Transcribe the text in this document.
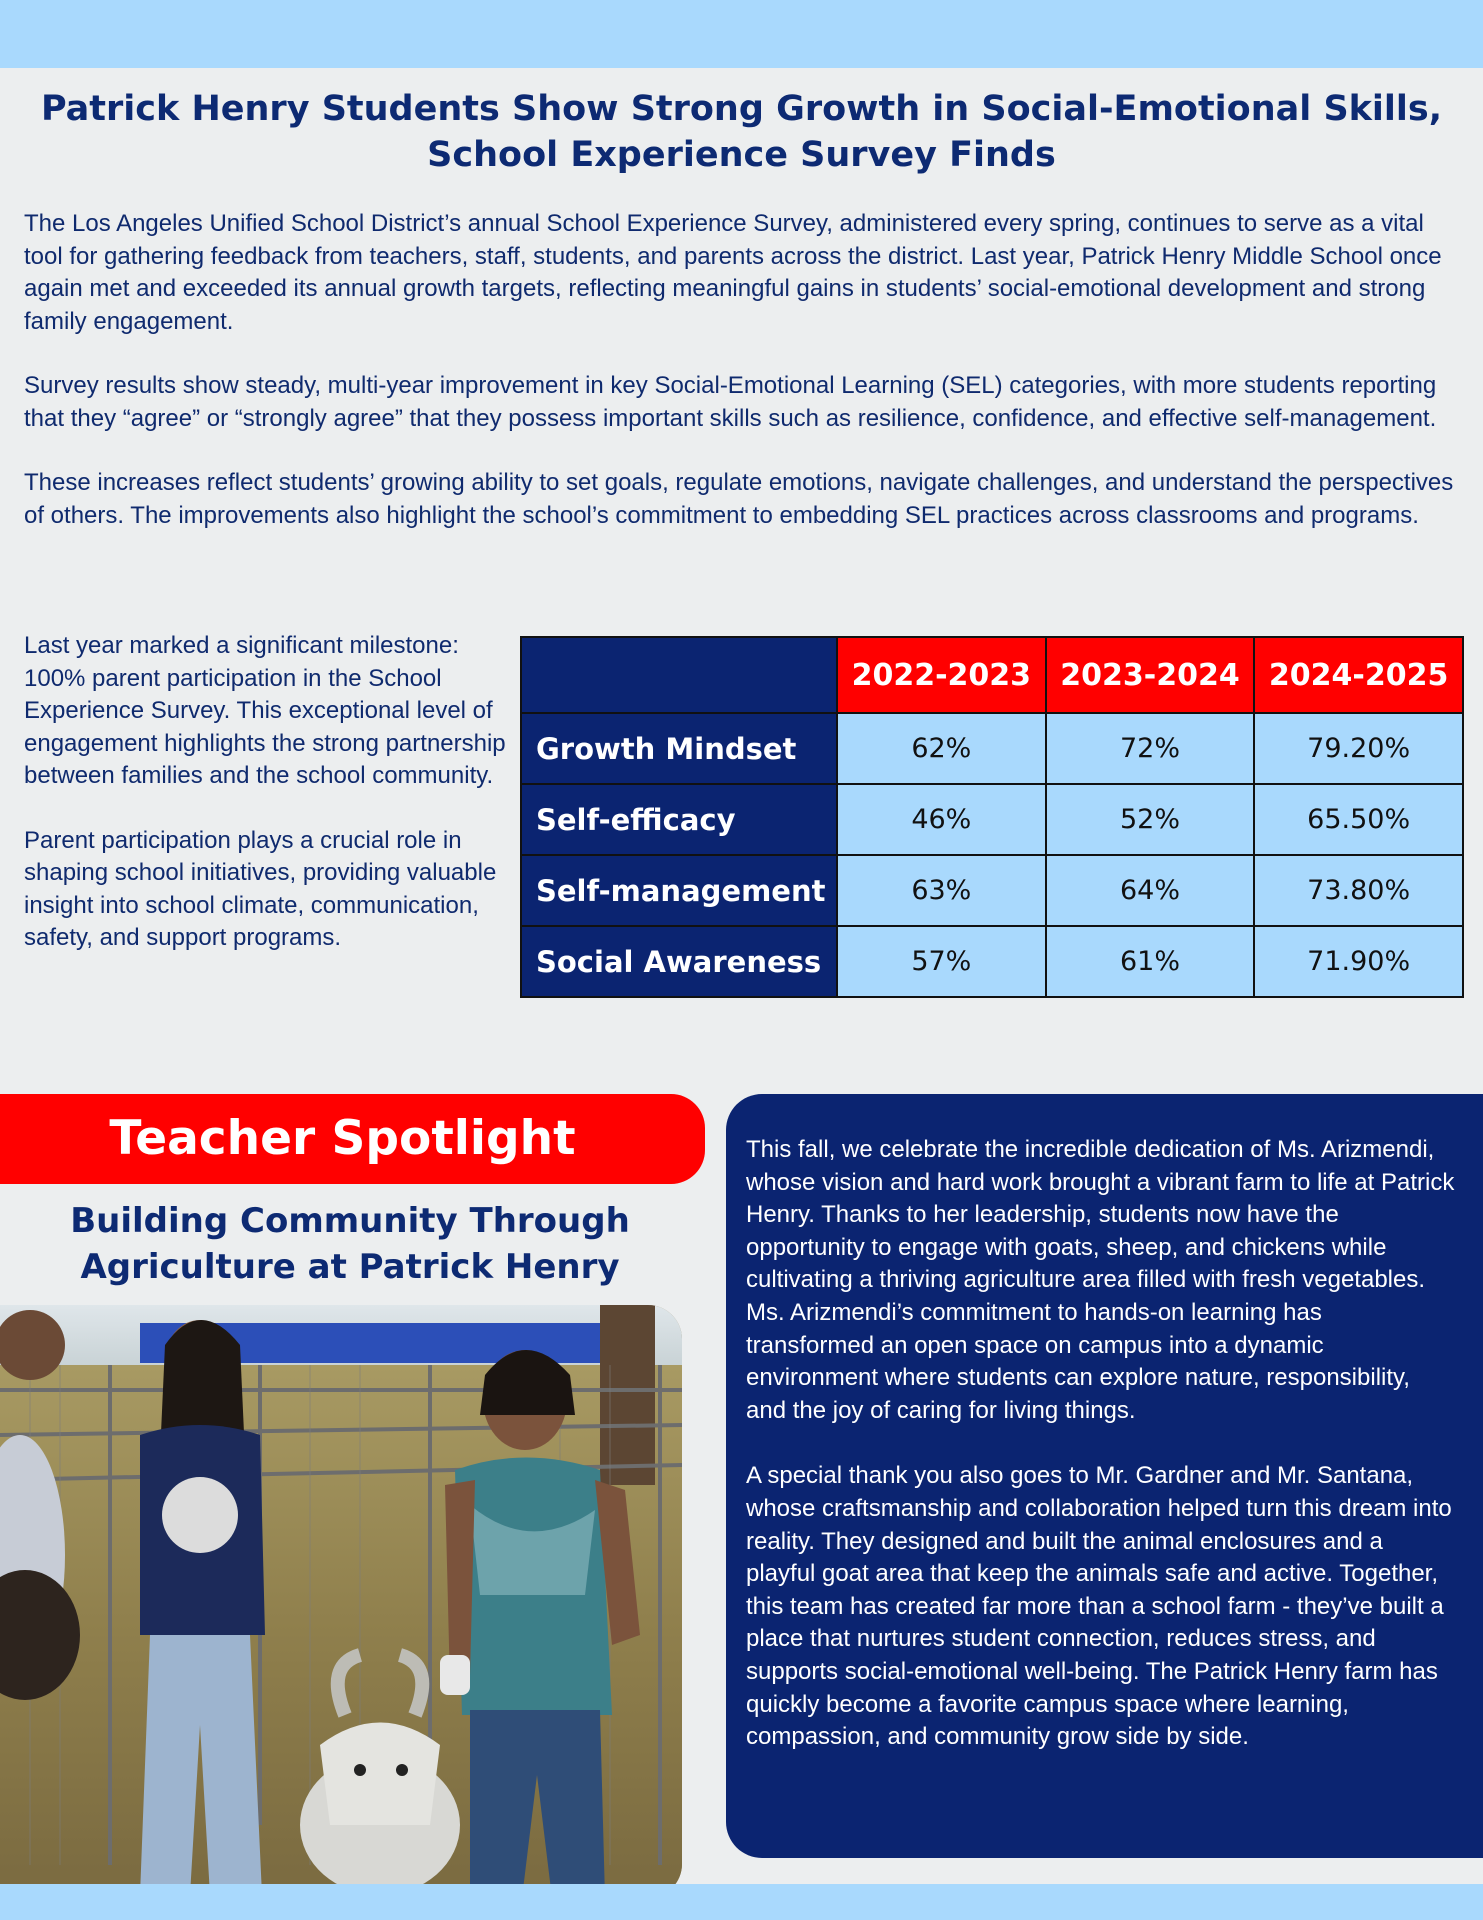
Patrick Henry Students Show Strong Growth in Social-Emotional Skills, School Experience Survey Finds

The Los Angeles Unified School District’s annual School Experience Survey, administered every spring, continues to serve as a vital tool for gathering feedback from teachers, staff, students, and parents across the district. Last year, Patrick Henry Middle School once again met and exceeded its annual growth targets, reflecting meaningful gains in students’ social-emotional development and strong family engagement.

Survey results show steady, multi-year improvement in key Social-Emotional Learning (SEL) categories, with more students reporting that they “agree” or “strongly agree” that they possess important skills such as resilience, confidence, and effective self-management.

These increases reflect students’ growing ability to set goals, regulate emotions, navigate challenges, and understand the perspectives of others. The improvements also highlight the school’s commitment to embedding SEL practices across classrooms and programs.

Last year marked a significant milestone: 100% parent participation in the School Experience Survey. This exceptional level of engagement highlights the strong partnership between families and the school community.

Parent participation plays a crucial role in shaping school initiatives, providing valuable insight into school climate, communication, safety, and support programs.

	2022-2023	2023-2024	2024-2025
Growth Mindset	62%	72%	79.20%
Self-efficacy	46%	52%	65.50%
Self-management	63%	64%	73.80%
Social Awareness	57%	61%	71.90%
Teacher Spotlight
Building Community Through Agriculture at Patrick Henry

This fall, we celebrate the incredible dedication of Ms. Arizmendi, whose vision and hard work brought a vibrant farm to life at Patrick Henry. Thanks to her leadership, students now have the opportunity to engage with goats, sheep, and chickens while cultivating a thriving agriculture area filled with fresh vegetables. Ms. Arizmendi’s commitment to hands-on learning has transformed an open space on campus into a dynamic environment where students can explore nature, responsibility, and the joy of caring for living things.

A special thank you also goes to Mr. Gardner and Mr. Santana, whose craftsmanship and collaboration helped turn this dream into reality. They designed and built the animal enclosures and a playful goat area that keep the animals safe and active. Together, this team has created far more than a school farm - they’ve built a place that nurtures student connection, reduces stress, and supports social-emotional well-being. The Patrick Henry farm has quickly become a favorite campus space where learning, compassion, and community grow side by side.
